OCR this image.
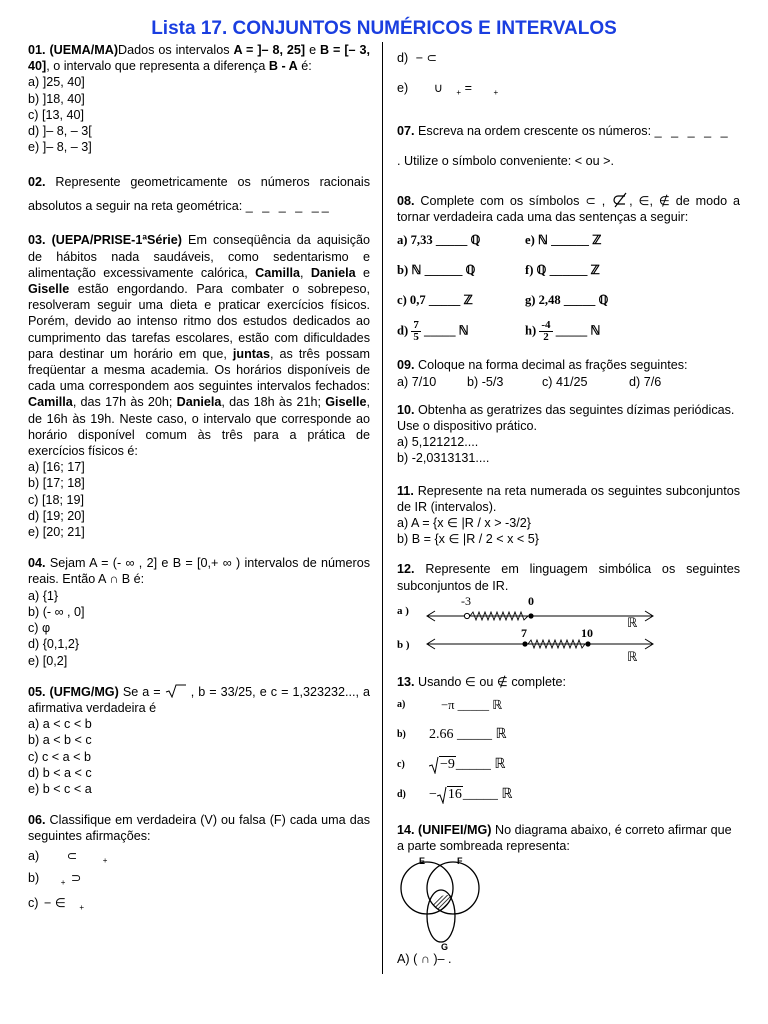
Lista 17. CONJUNTOS NUMÉRICOS E INTERVALOS
01. (UEMA/MA)Dados os intervalos A = ]– 8, 25] e B = [– 3, 40], o intervalo que representa a diferença B - A é:
a) ]25, 40]
b) ]18, 40]
c) [13, 40]
d) ]– 8, – 3[
e) ]– 8, – 3]
02. Represente geometricamente os números racionais absolutos a seguir na reta geométrica: _ _ _ _ __
03. (UEPA/PRISE-1ªSérie) Em conseqüência da aquisição de hábitos nada saudáveis, como sedentarismo e alimentação excessivamente calórica, Camilla, Daniela e Giselle estão engordando. Para combater o sobrepeso, resolveram seguir uma dieta e praticar exercícios físicos. Porém, devido ao intenso ritmo dos estudos dedicados ao cumprimento das tarefas escolares, estão com dificuldades para destinar um horário em que, juntas, as três possam freqüentar a mesma academia. Os horários disponíveis de cada uma correspondem aos seguintes intervalos fechados: Camilla, das 17h às 20h; Daniela, das 18h às 21h; Giselle, de 16h às 19h. Neste caso, o intervalo que corresponde ao horário disponível comum às três para a prática de exercícios físicos é:
a) [16; 17]
b) [17; 18]
c) [18; 19]
d) [19; 20]
e) [20; 21]
04. Sejam A = (- ∞ , 2] e B = [0,+ ∞ ) intervalos de números reais. Então A ∩ B é:
a) {1}
b) (- ∞ , 0]
c) φ
d) {0,1,2}
e) [0,2]
05. (UFMG/MG) Se a =  , b = 33/25, e c = 1,323232..., a afirmativa verdadeira é
a) a < c < b
b) a < b < c
c) c < a < b
d) b < a < c
e) b < c < a
06. Classifique em verdadeira (V) ou falsa (F) cada uma das seguintes afirmações:
a) ⊂	$_+$
b)	$_+$ ⊃
c) − ∈ $_+$
d) − ⊂
e) ∪ $_+$ =	$_+$
07. Escreva na ordem crescente os números: _ _ _ _ _
. Utilize o símbolo conveniente: < ou >.
08. Complete com os símbolos ⊂ , , ∈, ∉ de modo a tornar verdadeira cada uma das sentenças a seguir:
a) 7,33 _____ ℚ	e) ℕ ______ ℤ
b) ℕ ______ ℚ	f) ℚ ______ ℤ
c) 0,7 _____ ℤ	g) 2,48 _____ ℚ
$d) \frac{7}{5}$ _____ ℕ	$h) \frac{-4}{2}$ _____ ℕ
09. Coloque na forma decimal as frações seguintes:
a) 7/10	b) -5/3	c) 41/25	d) 7/6
10. Obtenha as geratrizes das seguintes dízimas periódicas. Use o dispositivo prático.
a) 5,121212....
b) -2,0313131....
11. Represente na reta numerada os seguintes subconjuntos de IR (intervalos).
a) A = {x ∈ |R / x > -3/2}
b) B = {x ∈ |R / 2 < x < 5}
12. Represente em linguagem simbólica os seguintes subconjuntos de IR.
a )
-3	0
ℝ
b )
7	10
ℝ
13. Usando ∈ ou ∉ complete:
a)	−π _____ ℝ
b)	2.66 _____ ℝ
c)	−9 _____ ℝ
d)	− 16 _____ ℝ
14. (UNIFEI/MG) No diagrama abaixo, é correto afirmar que a parte sombreada representa:
E	F
G
A) ( ∩ )– .
